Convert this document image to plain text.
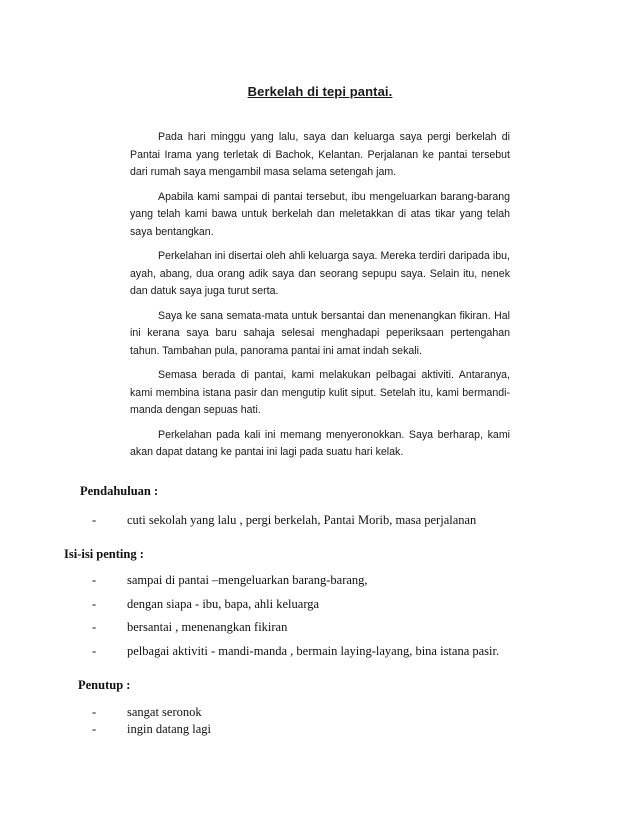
Berkelah di tepi pantai.

Pada hari minggu yang lalu, saya dan keluarga saya pergi berkelah di Pantai Irama yang terletak di Bachok, Kelantan. Perjalanan ke pantai tersebut dari rumah saya mengambil masa selama setengah jam.

Apabila kami sampai di pantai tersebut, ibu mengeluarkan barang-barang yang telah kami bawa untuk berkelah dan meletakkan di atas tikar yang telah saya bentangkan.

Perkelahan ini disertai oleh ahli keluarga saya. Mereka terdiri daripada ibu, ayah, abang, dua orang adik saya dan seorang sepupu saya. Selain itu, nenek dan datuk saya juga turut serta.

Saya ke sana semata-mata untuk bersantai dan menenangkan fikiran. Hal ini kerana saya baru sahaja selesai menghadapi peperiksaan pertengahan tahun. Tambahan pula, panorama pantai ini amat indah sekali.

Semasa berada di pantai, kami melakukan pelbagai aktiviti. Antaranya, kami membina istana pasir dan mengutip kulit siput. Setelah itu, kami bermandi-manda dengan sepuas hati.

Perkelahan pada kali ini memang menyeronokkan. Saya berharap, kami akan dapat datang ke pantai ini lagi pada suatu hari kelak.

Pendahuluan :

- cuti sekolah yang lalu , pergi berkelah, Pantai Morib, masa perjalanan

Isi-isi penting :

- sampai di pantai –mengeluarkan barang-barang,
- dengan siapa - ibu, bapa, ahli keluarga
- bersantai , menenangkan fikiran
- pelbagai aktiviti - mandi-manda , bermain laying-layang, bina istana pasir.

Penutup :

- sangat seronok
- ingin datang lagi
